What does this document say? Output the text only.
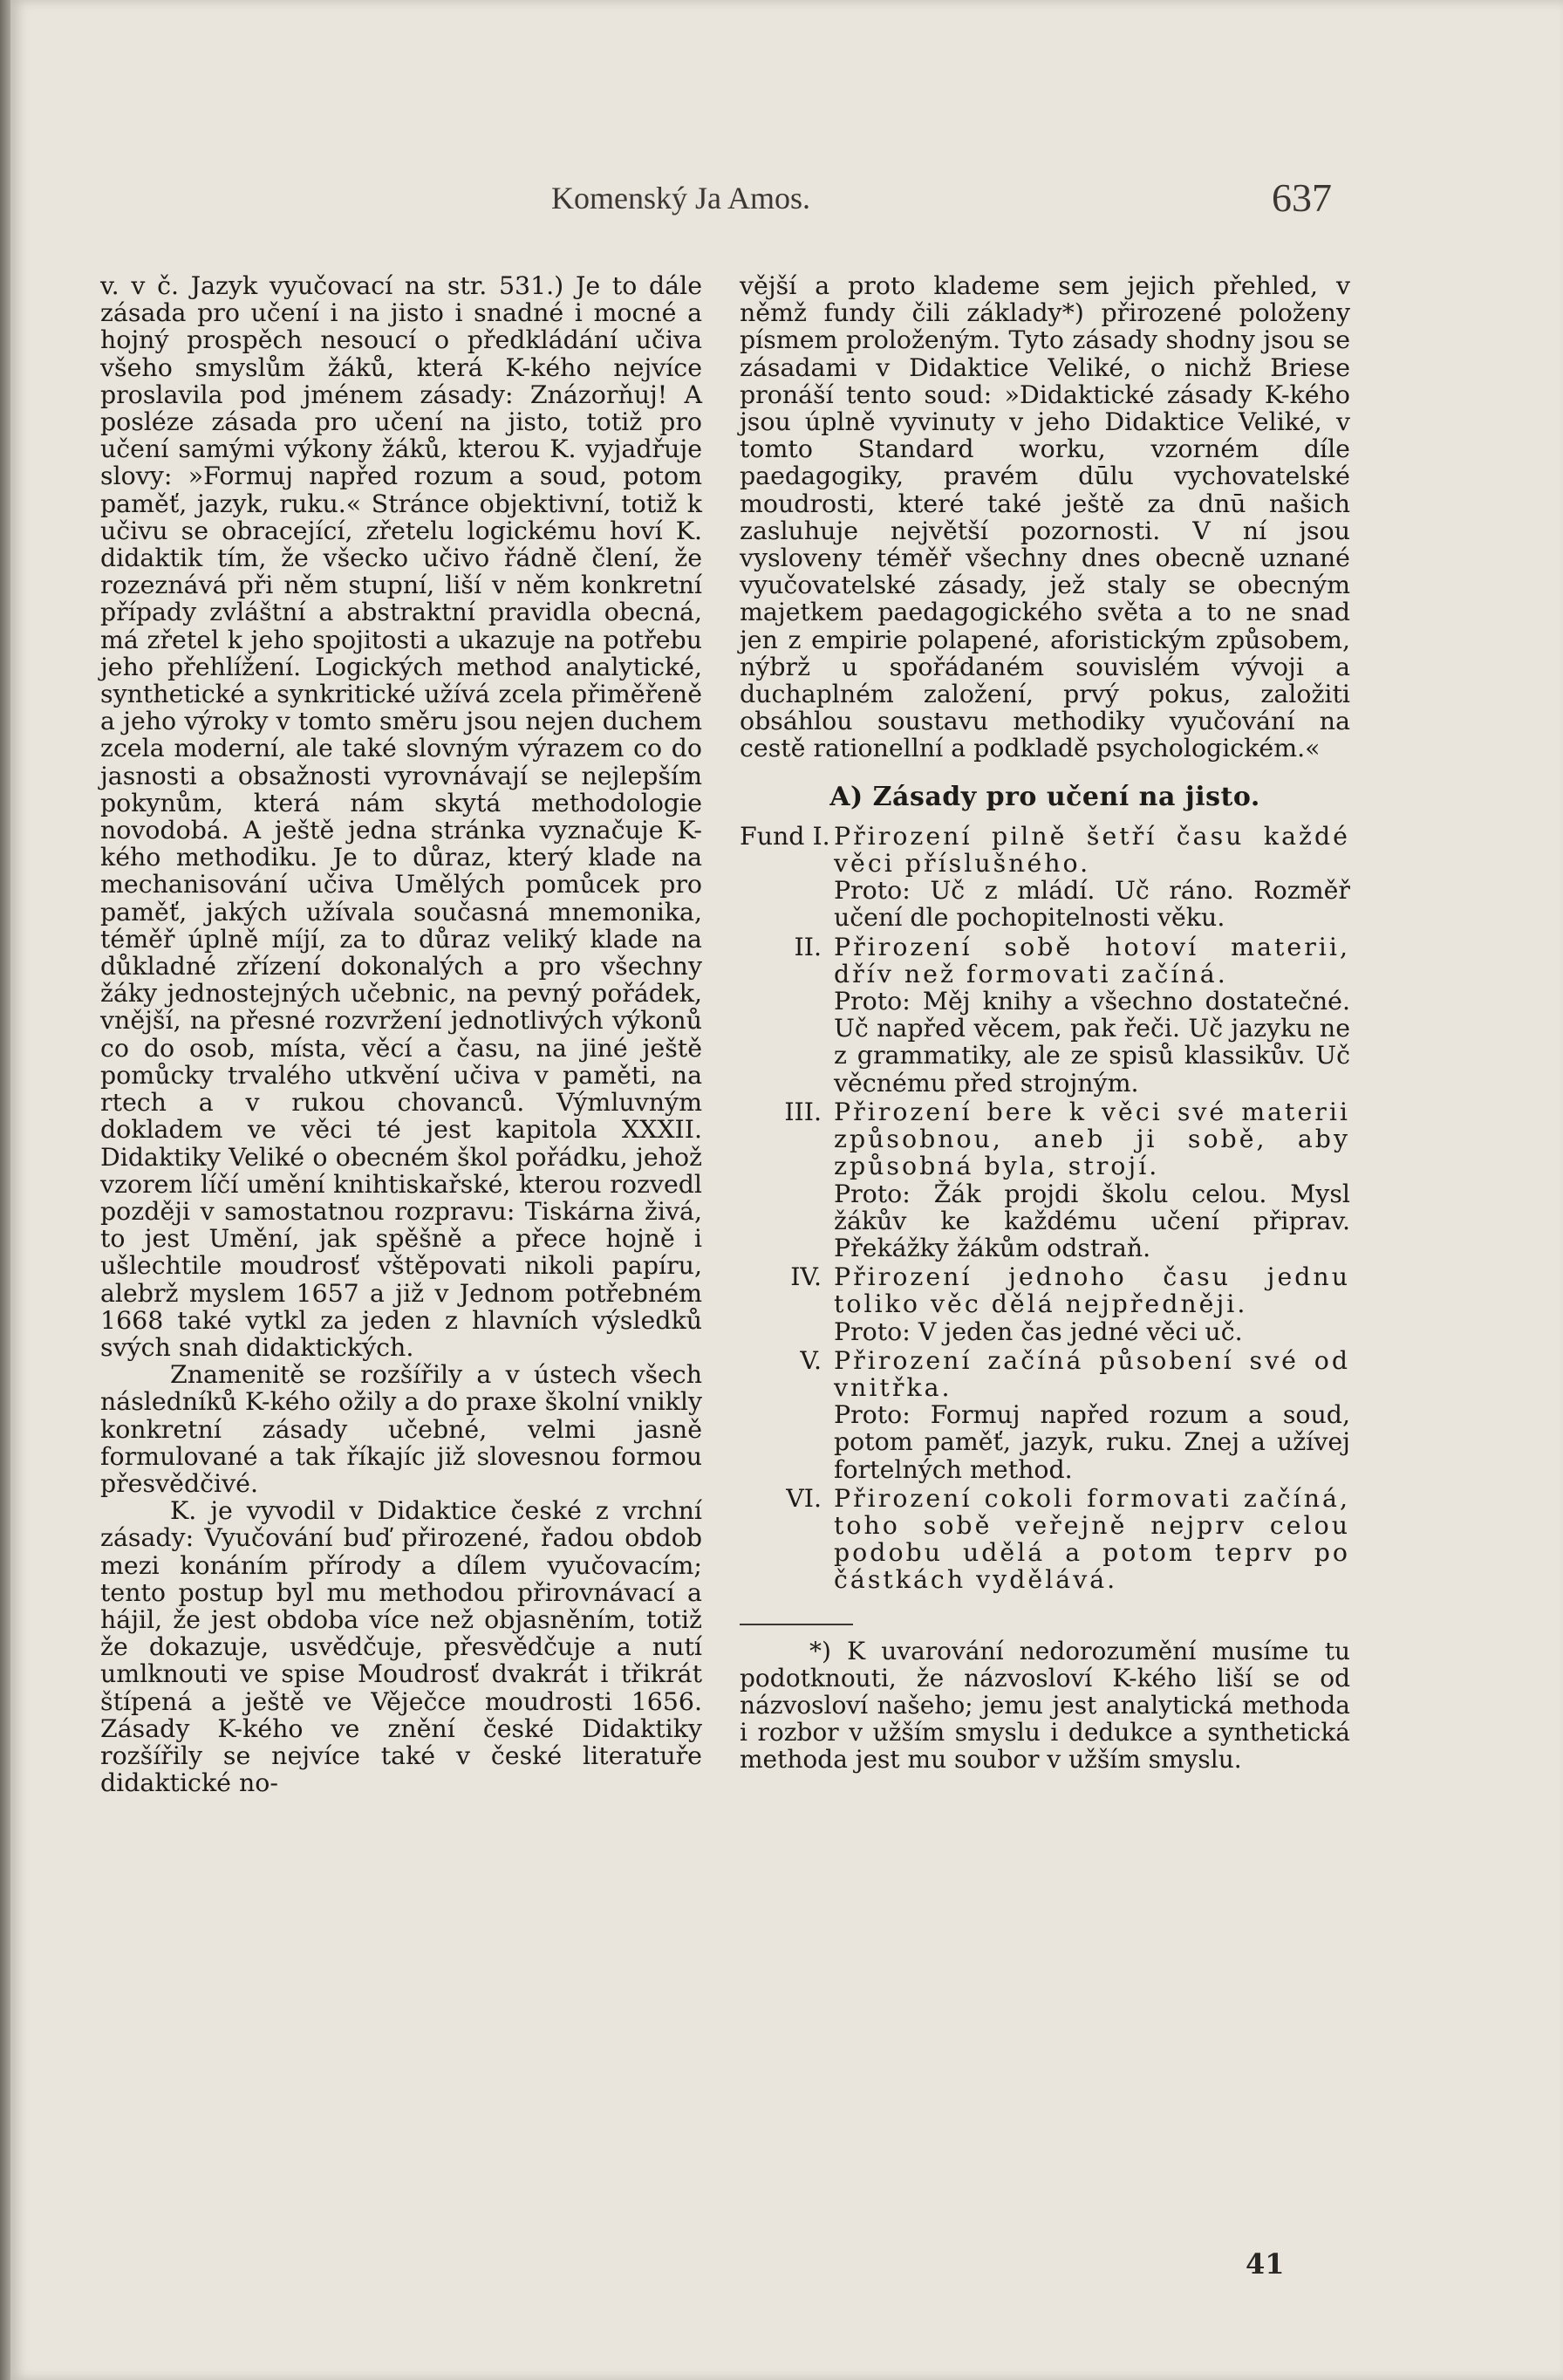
Komenský Ja Amos.	637

v. v č. Jazyk vyučovací na str. 531.) Je to dále zásada pro učení i na jisto i snadné i mocné a hojný prospěch nesoucí o předkládání učiva všeho smyslům žáků, která K-kého nejvíce proslavila pod jménem zásady: Znázorňuj! A posléze zásada pro učení na jisto, totiž pro učení samými výkony žáků, kterou K. vyjadřuje slovy: »Formuj napřed rozum a soud, potom paměť, jazyk, ruku.« Stránce objektivní, totiž k učivu se obracející, zřetelu logickému hoví K. didaktik tím, že všecko učivo řádně člení, že rozeznává při něm stupní, liší v něm konkretní případy zvláštní a abstraktní pravidla obecná, má zřetel k jeho spojitosti a ukazuje na potřebu jeho přehlížení. Logických method analytické, synthetické a synkritické užívá zcela přiměřeně a jeho výroky v tomto směru jsou nejen duchem zcela moderní, ale také slovným výrazem co do jasnosti a obsažnosti vyrovnávají se nejlepším pokynům, která nám skytá methodologie novodobá. A ještě jedna stránka vyznačuje K-kého methodiku. Je to důraz, který klade na mechanisování učiva Umělých pomůcek pro paměť, jakých užívala současná mnemonika, téměř úplně míjí, za to důraz veliký klade na důkladné zřízení dokonalých a pro všechny žáky jednostejných učebnic, na pevný pořádek, vnější, na přesné rozvržení jednotlivých výkonů co do osob, místa, věcí a času, na jiné ještě pomůcky trvalého utkvění učiva v paměti, na rtech a v rukou chovanců. Výmluvným dokladem ve věci té jest kapitola XXXII. Didaktiky Veliké o obecném škol pořádku, jehož vzorem líčí umění knihtiskařské, kterou rozvedl později v samostatnou rozpravu: Tiskárna živá, to jest Umění, jak spěšně a přece hojně i ušlechtile moudrosť vštěpovati nikoli papíru, alebrž myslem 1657 a již v Jednom potřebném 1668 také vytkl za jeden z hlavních výsledků svých snah didaktických.

Znamenitě se rozšířily a v ústech všech následníků K-kého ožily a do praxe školní vnikly konkretní zásady učebné, velmi jasně formulované a tak říkajíc již slovesnou formou přesvědčivé.

K. je vyvodil v Didaktice české z vrchní zásady: Vyučování buď přirozené, řadou obdob mezi konáním přírody a dílem vyučovacím; tento postup byl mu methodou přirovnávací a hájil, že jest obdoba více než objasněním, totiž že dokazuje, usvědčuje, přesvědčuje a nutí umlknouti ve spise Moudrosť dvakrát i třikrát štípená a ještě ve Věječce moudrosti 1656. Zásady K-kého ve znění české Didaktiky rozšířily se nejvíce také v české literatuře didaktické no-

vější a proto klademe sem jejich přehled, v němž fundy čili základy*) přirozené položeny písmem proloženým. Tyto zásady shodny jsou se zásadami v Didaktice Veliké, o nichž Briese pronáší tento soud: »Didaktické zásady K-kého jsou úplně vyvinuty v jeho Didaktice Veliké, v tomto Standard worku, vzorném díle paedagogiky, pravém dūlu vychovatelské moudrosti, které také ještě za dnū našich zasluhuje největší pozornosti. V ní jsou vysloveny téměř všechny dnes obecně uznané vyučovatelské zásady, jež staly se obecným majetkem paedagogického světa a to ne snad jen z empirie polapené, aforistickým způsobem, nýbrž u spořádaném souvislém vývoji a duchaplném založení, prvý pokus, založiti obsáhlou soustavu methodiky vyučování na cestě rationellní a podkladě psychologickém.«

A) Zásady pro učení na jisto.
Fund I. Přirození pilně šetří času každé věci příslušného.
Proto: Uč z mládí. Uč ráno. Rozměř učení dle pochopitelnosti věku.
II. Přirození sobě hotoví materii, dřív než formovati začíná.
Proto: Měj knihy a všechno dostatečné. Uč napřed věcem, pak řeči. Uč jazyku ne z grammatiky, ale ze spisů klassikův. Uč věcnému před strojným.
III. Přirození bere k věci své materii způsobnou, aneb ji sobě, aby způsobná byla, strojí.
Proto: Žák projdi školu celou. Mysl žákův ke každému učení připrav. Překážky žákům odstraň.
IV. Přirození jednoho času jednu toliko věc dělá nejpředněji.
Proto: V jeden čas jedné věci uč.
V. Přirození začíná působení své od vnitřka.
Proto: Formuj napřed rozum a soud, potom paměť, jazyk, ruku. Znej a užívej fortelných method.
VI. Přirození cokoli formovati začíná, toho sobě veřejně nejprv celou podobu udělá a potom teprv po částkách vydělává.

*) K uvarování nedorozumění musíme tu podotknouti, že názvosloví K-kého liší se od názvosloví našeho; jemu jest analytická methoda i rozbor v užším smyslu i dedukce a synthetická methoda jest mu soubor v užším smyslu.

41
